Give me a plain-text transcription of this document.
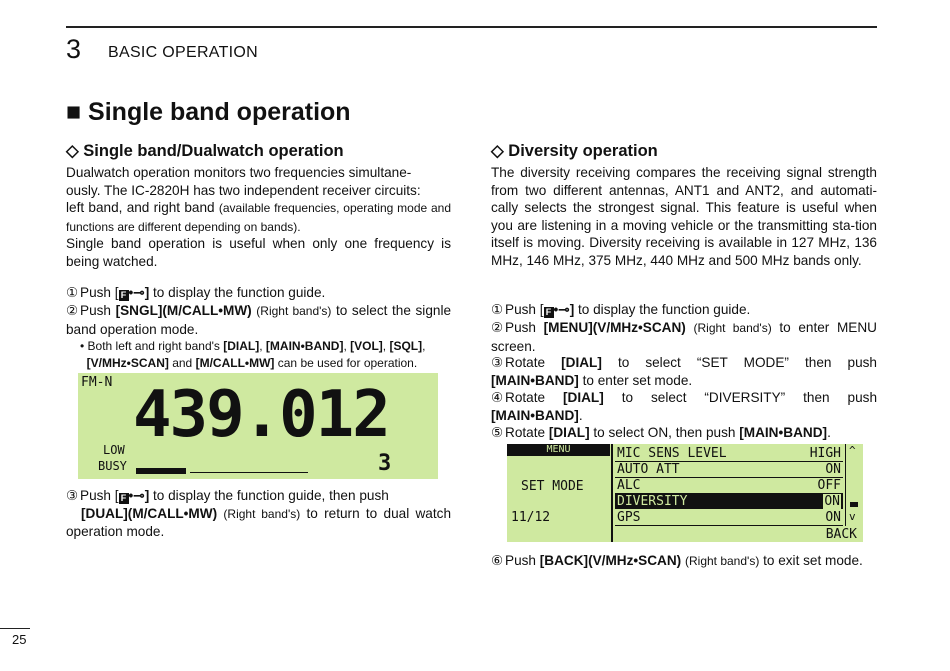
3 BASIC OPERATION
■ Single band operation
◇ Single band/Dualwatch operation
Dualwatch operation monitors two frequencies simultane-
ously. The IC-2820H has two independent receiver circuits:
left band, and right band (available frequencies, operating mode and functions are different depending on bands).
Single band operation is useful when only one frequency is being watched.
① Push [ F •⊸] to display the function guide.
② Push [SNGL](M/CALL•MW) (Right band's) to select the signle band operation mode.
• Both left and right band's [DIAL], [MAIN•BAND], [VOL], [SQL],
[V/MHz•SCAN] and [M/CALL•MW] can be used for operation.
FM-N 439.012
LOW
BUSY	3
③ Push [ F •⊸] to display the function guide, then push
[DUAL](M/CALL•MW) (Right band's) to return to dual watch operation mode.
◇ Diversity operation
The diversity receiving compares the receiving signal strength from two different antennas, ANT1 and ANT2, and automati-cally selects the strongest signal. This feature is useful when you are listening in a moving vehicle or the transmitting sta-tion itself is moving. Diversity receiving is available in 127 MHz, 136 MHz, 146 MHz, 375 MHz, 440 MHz and 500 MHz bands only.
① Push [ F •⊸] to display the function guide.
② Push [MENU](V/MHz•SCAN) (Right band's) to enter MENU screen.
③ Rotate [DIAL] to select “SET MODE” then push [MAIN•BAND] to enter set mode.
④ Rotate [DIAL] to select “DIVERSITY” then push [MAIN•BAND].
⑤ Rotate [DIAL] to select ON, then push [MAIN•BAND].
MENU
SET MODE
11/12
MIC SENS LEVEL	HIGH
AUTO ATT	ON
ALC	OFF
DIVERSITY	ON
GPS	ON
^
v
BACK
⑥ Push [BACK](V/MHz•SCAN) (Right band's) to exit set mode.
25
